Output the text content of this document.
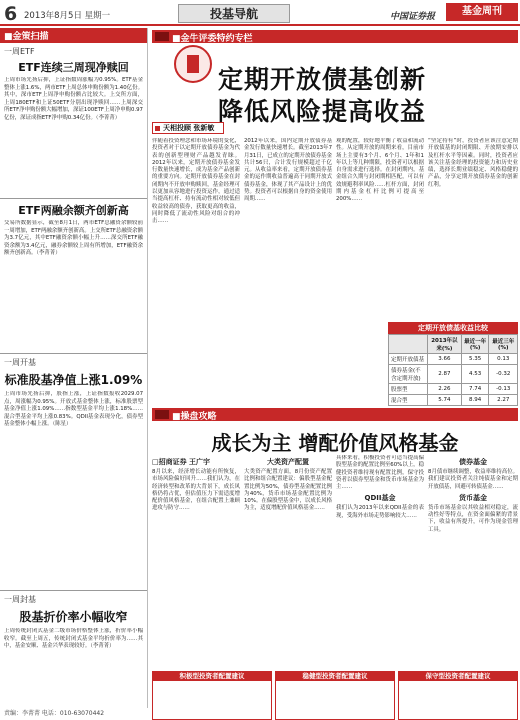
6 2013年8月5日 星期一	投基导航	中国证券报	基金周刊
■金策扫描
一周ETF
ETF连续三周现净赎回
上周市场先扬后抑，上证指数周涨幅为0.95%。ETF基金整体上涨1.6%，两市ETF上周总体申购份额为1.40亿份。其中，深市ETF上周净申购份额占比较大。上交所方面，上周180ETF和上证50ETF分别出现净赎回……上周深交所ETF净申购份额大幅增加，深证100ETF上周净申购0.97亿份，深证成指ETF净申购0.34亿份。（李菁菁）
ETF两融余额齐创新高
交易所数据显示，截至8月1日，两市ETF总融资余额较前一周增加，ETF两融余额齐创新高。上交所ETF总融资余额为3.7亿元，其中ETF融资余额小幅上升……深交所ETF融资余额为3.4亿元，融券余额较上周有所增加，ETF融资余额齐创新高。（李菁菁）
一周开基
标准股基净值上涨1.09%
上周市场先扬后抑，股指上涨，上证指数报收2029.07点，周涨幅为0.95%。开放式基金整体上涨，标准股票型基金净值上涨1.09%……指数型基金平均上涨1.18%……混合型基金平均上涨0.83%。QDII基金表现分化，债券型基金整体小幅上涨。（陈星）
一周封基
股基折价率小幅收窄
上周传统封闭式基金二级市场价格整体上涨，折价率小幅收窄。截至上周五，传统封闭式基金平均折价率为……其中，基金安顺、基金兴华表现较好。（李菁菁）
■金牛评委特约专栏
定期开放债基创新
降低风险提高收益
天相投顾 张新敏
伴随着投资理念和市场环境的变化，投资者对于以定期开放债券基金为代表的创新型理财产品越发青睐。2012年以来，定期开放债券基金发行数量快速增长，成为基金产品创新的重要方向。定期开放债券基金在封闭期内不开放申购赎回，基金经理可以更加从容地进行投资运作，通过适当提高杠杆、持有流动性相对较低但收益较高的债券，获取更高的收益，同时降低了流动性风险对组合的冲击……
2012年以来，国内定期开放债券基金发行数量快速增长。截至2013年7月31日，已成立的定期开放债券基金共计56只，合计发行规模超过千亿元。从收益率来看，定期开放债券基金的运作期收益普遍高于同期开放式债券基金，体现了其产品设计上的优势。投资者可以根据自身的资金使用周期……
观的配置，较好地平衡了收益和流动性。从定期开放的周期来看，目前市场上主要有3个月、6个月、1年和1年以上等几种期限，投资者可以根据自身需求进行选择。在封闭期内，基金组合久期与封闭期相匹配，可以有效规避利率风险……杠杆方面，封闭期内基金杠杆比例可提高至200%……
“坚定持有”时，投资者应该注意定期开放债基的封闭期限、开放期安排以及杠杆水平等因素。同时，投资者应该关注基金经理的投资能力和历史业绩，选择长期业绩稳定、风格稳健的产品，分享定期开放债券基金的创新红利。
定期开放债基收益比较
	2013年以来(%)	最近一年(%)	最近三年(%)
定期开放债基	3.66	5.35	0.13
债券基金(不含定期开放)	2.87	4.53	-0.32
股票型	2.26	7.74	-0.13
混合型	5.74	8.94	2.27
■操盘攻略
成长为主 增配价值风格基金
□招商证券 王广宇
8月以来，经济增长动能有所恢复，市场风险偏好回升……我们认为，在经济转型和改革的大背景下，成长风格仍将占优，但估值压力下需适度增配价值风格基金，在组合配置上兼顾进攻与防守……
大类资产配置
大类资产配置方面，8月份资产配置比例和组合配置建议：偏股型基金配置比例为50%，债券型基金配置比例为40%，货币市场基金配置比例为10%。在偏股型基金中，以成长风格为主，适度增配价值风格基金……
具体来看，积极投资者可适当提高偏股型基金的配置比例至60%以上，稳健投资者维持现有配置比例，保守投资者以债券型基金和货币市场基金为主……
QDII基金
我们认为2013年以来QDII基金的表现，受海外市场走势影响较大……
债券基金
8月债市继续调整，收益率维持高位。我们建议投资者关注纯债基金和定期开放债基，回避可转债基金……
货币基金
货币市场基金以其收益相对稳定，流动性好等特点，在资金面偏紧的背景下，收益有所提升，可作为现金管理工具。
积极型投资者配置建议	稳健型投资者配置建议	保守型投资者配置建议
责编：李菁菁 电话：010-63070442
